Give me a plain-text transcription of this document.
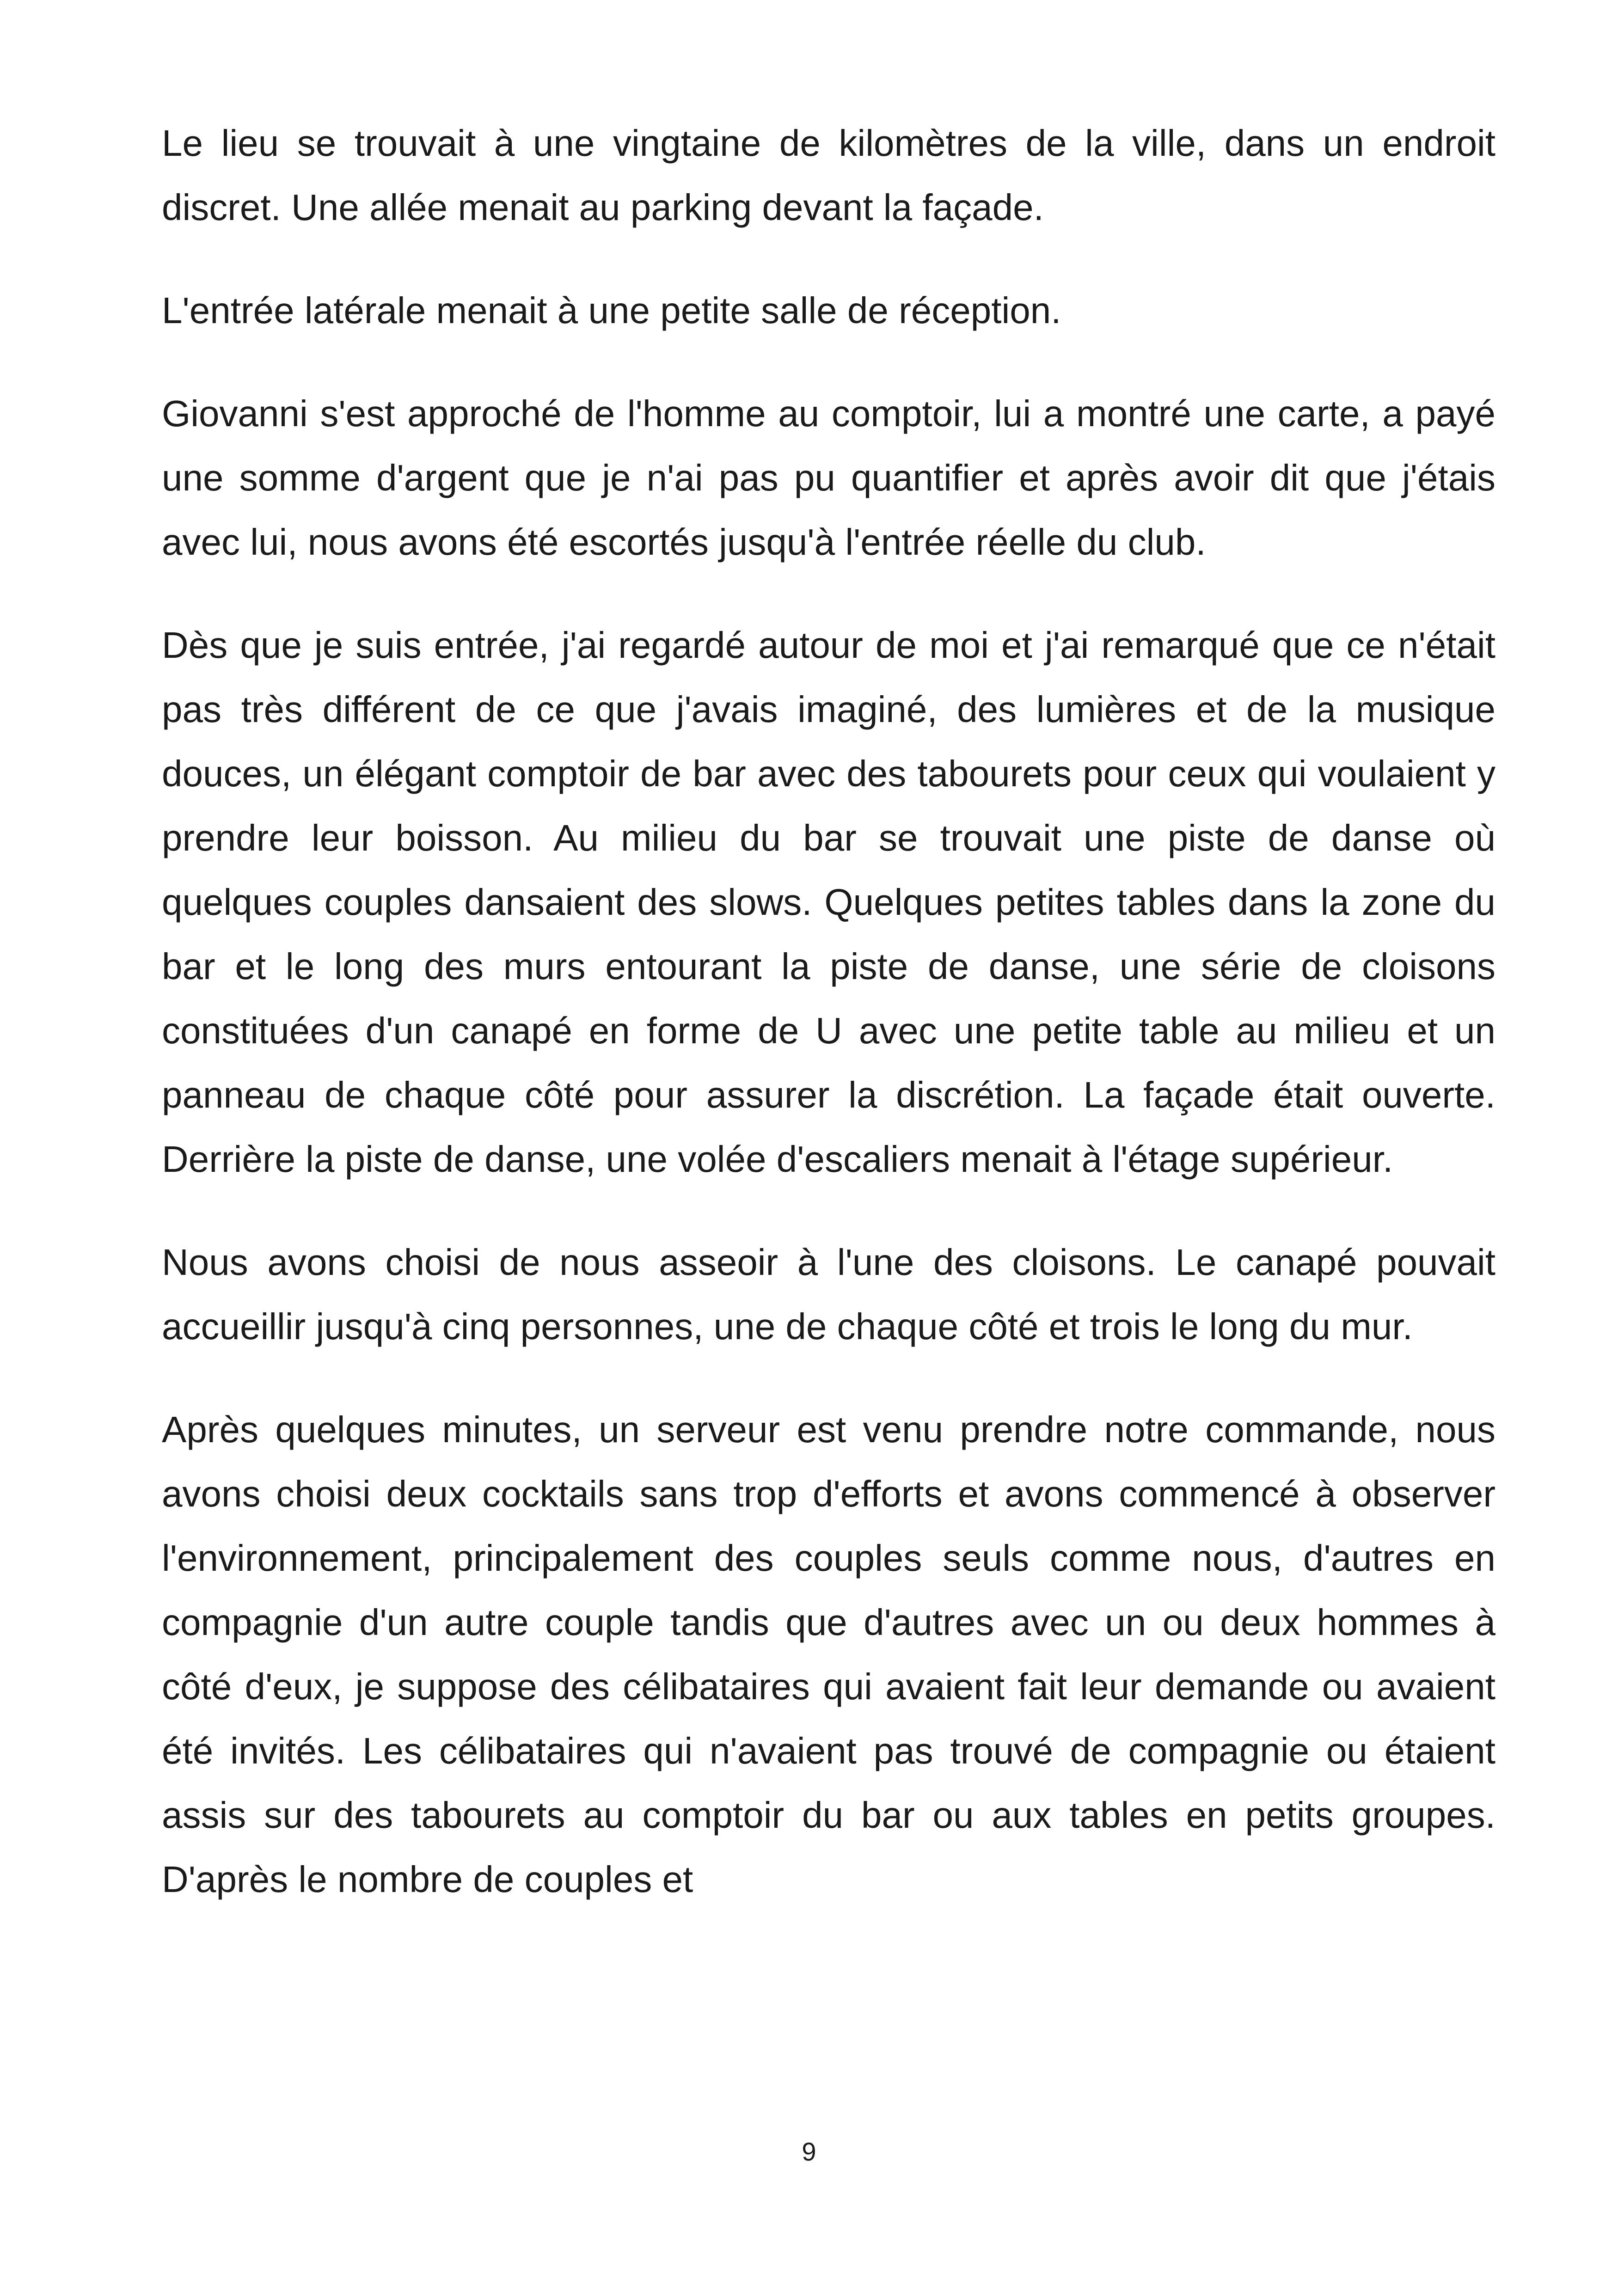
Le lieu se trouvait à une vingtaine de kilomètres de la ville, dans un endroit discret. Une allée menait au parking devant la façade.

L'entrée latérale menait à une petite salle de réception.

Giovanni s'est approché de l'homme au comptoir, lui a montré une carte, a payé une somme d'argent que je n'ai pas pu quantifier et après avoir dit que j'étais avec lui, nous avons été escortés jusqu'à l'entrée réelle du club.

Dès que je suis entrée, j'ai regardé autour de moi et j'ai remarqué que ce n'était pas très différent de ce que j'avais imaginé, des lumières et de la musique douces, un élégant comptoir de bar avec des tabourets pour ceux qui voulaient y prendre leur boisson. Au milieu du bar se trouvait une piste de danse où quelques couples dansaient des slows. Quelques petites tables dans la zone du bar et le long des murs entourant la piste de danse, une série de cloisons constituées d'un canapé en forme de U avec une petite table au milieu et un panneau de chaque côté pour assurer la discrétion. La façade était ouverte. Derrière la piste de danse, une volée d'escaliers menait à l'étage supérieur.

Nous avons choisi de nous asseoir à l'une des cloisons. Le canapé pouvait accueillir jusqu'à cinq personnes, une de chaque côté et trois le long du mur.

Après quelques minutes, un serveur est venu prendre notre commande, nous avons choisi deux cocktails sans trop d'efforts et avons commencé à observer l'environnement, principalement des couples seuls comme nous, d'autres en compagnie d'un autre couple tandis que d'autres avec un ou deux hommes à côté d'eux, je suppose des célibataires qui avaient fait leur demande ou avaient été invités. Les célibataires qui n'avaient pas trouvé de compagnie ou étaient assis sur des tabourets au comptoir du bar ou aux tables en petits groupes. D'après le nombre de couples et

9
